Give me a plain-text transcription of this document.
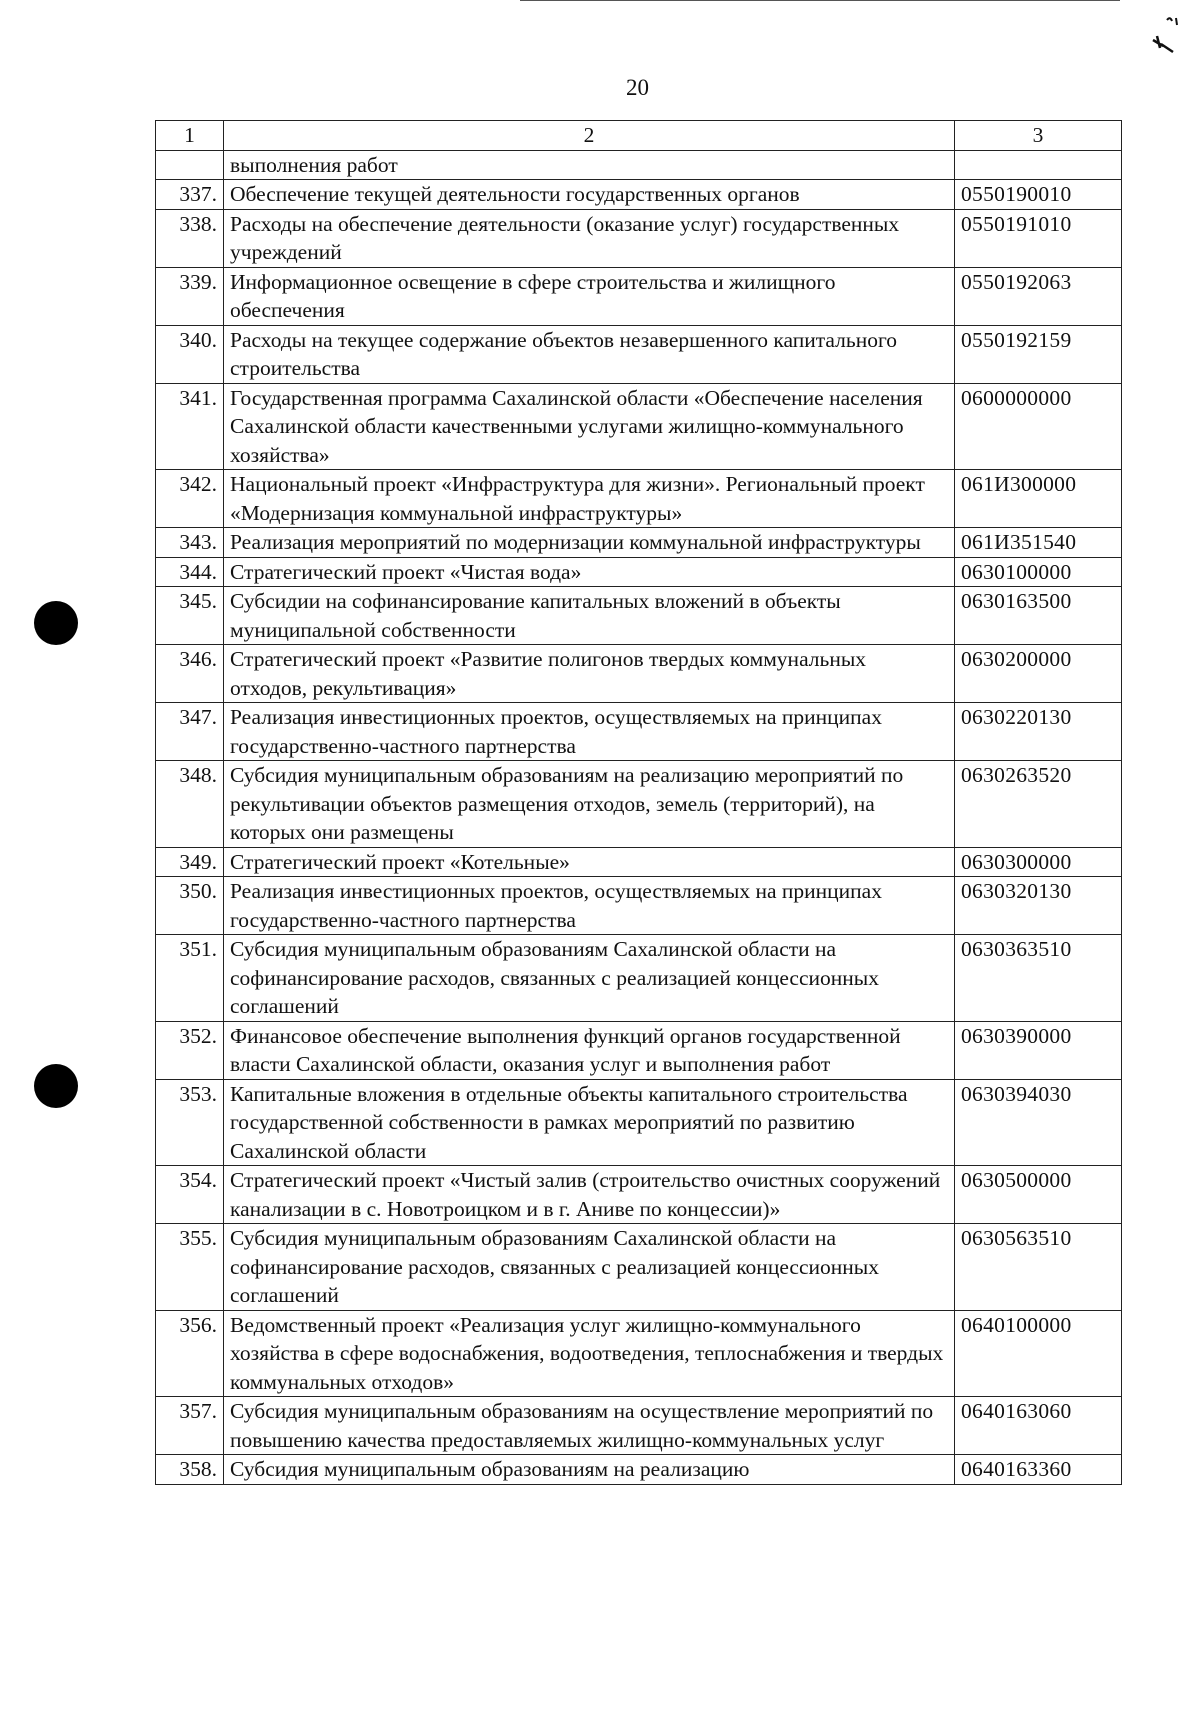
20
1	2	3
	выполнения работ	
337.	Обеспечение текущей деятельности государственных органов	0550190010
338.	Расходы на обеспечение деятельности (оказание услуг) государственных учреждений	0550191010
339.	Информационное освещение в сфере строительства и жилищного обеспечения	0550192063
340.	Расходы на текущее содержание объектов незавершенного капитального строительства	0550192159
341.	Государственная программа Сахалинской области «Обеспечение населения Сахалинской области качественными услугами жилищно-коммунального хозяйства»	0600000000
342.	Национальный проект «Инфраструктура для жизни». Региональный проект «Модернизация коммунальной инфраструктуры»	061И300000
343.	Реализация мероприятий по модернизации коммунальной инфраструктуры	061И351540
344.	Стратегический проект «Чистая вода»	0630100000
345.	Субсидии на софинансирование капитальных вложений в объекты муниципальной собственности	0630163500
346.	Стратегический проект «Развитие полигонов твердых коммунальных отходов, рекультивация»	0630200000
347.	Реализация инвестиционных проектов, осуществляемых на принципах государственно-частного партнерства	0630220130
348.	Субсидия муниципальным образованиям на реализацию мероприятий по рекультивации объектов размещения отходов, земель (территорий), на которых они размещены	0630263520
349.	Стратегический проект «Котельные»	0630300000
350.	Реализация инвестиционных проектов, осуществляемых на принципах государственно-частного партнерства	0630320130
351.	Субсидия муниципальным образованиям Сахалинской области на софинансирование расходов, связанных с реализацией концессионных соглашений	0630363510
352.	Финансовое обеспечение выполнения функций органов государственной власти Сахалинской области, оказания услуг и выполнения работ	0630390000
353.	Капитальные вложения в отдельные объекты капитального строительства государственной собственности в рамках мероприятий по развитию Сахалинской области	0630394030
354.	Стратегический проект «Чистый залив (строительство очистных сооружений канализации в с. Новотроицком и в г. Аниве по концессии)»	0630500000
355.	Субсидия муниципальным образованиям Сахалинской области на софинансирование расходов, связанных с реализацией концессионных соглашений	0630563510
356.	Ведомственный проект «Реализация услуг жилищно-коммунального хозяйства в сфере водоснабжения, водоотведения, теплоснабжения и твердых коммунальных отходов»	0640100000
357.	Субсидия муниципальным образованиям на осуществление мероприятий по повышению качества предоставляемых жилищно-коммунальных услуг	0640163060
358.	Субсидия муниципальным образованиям на реализацию	0640163360
